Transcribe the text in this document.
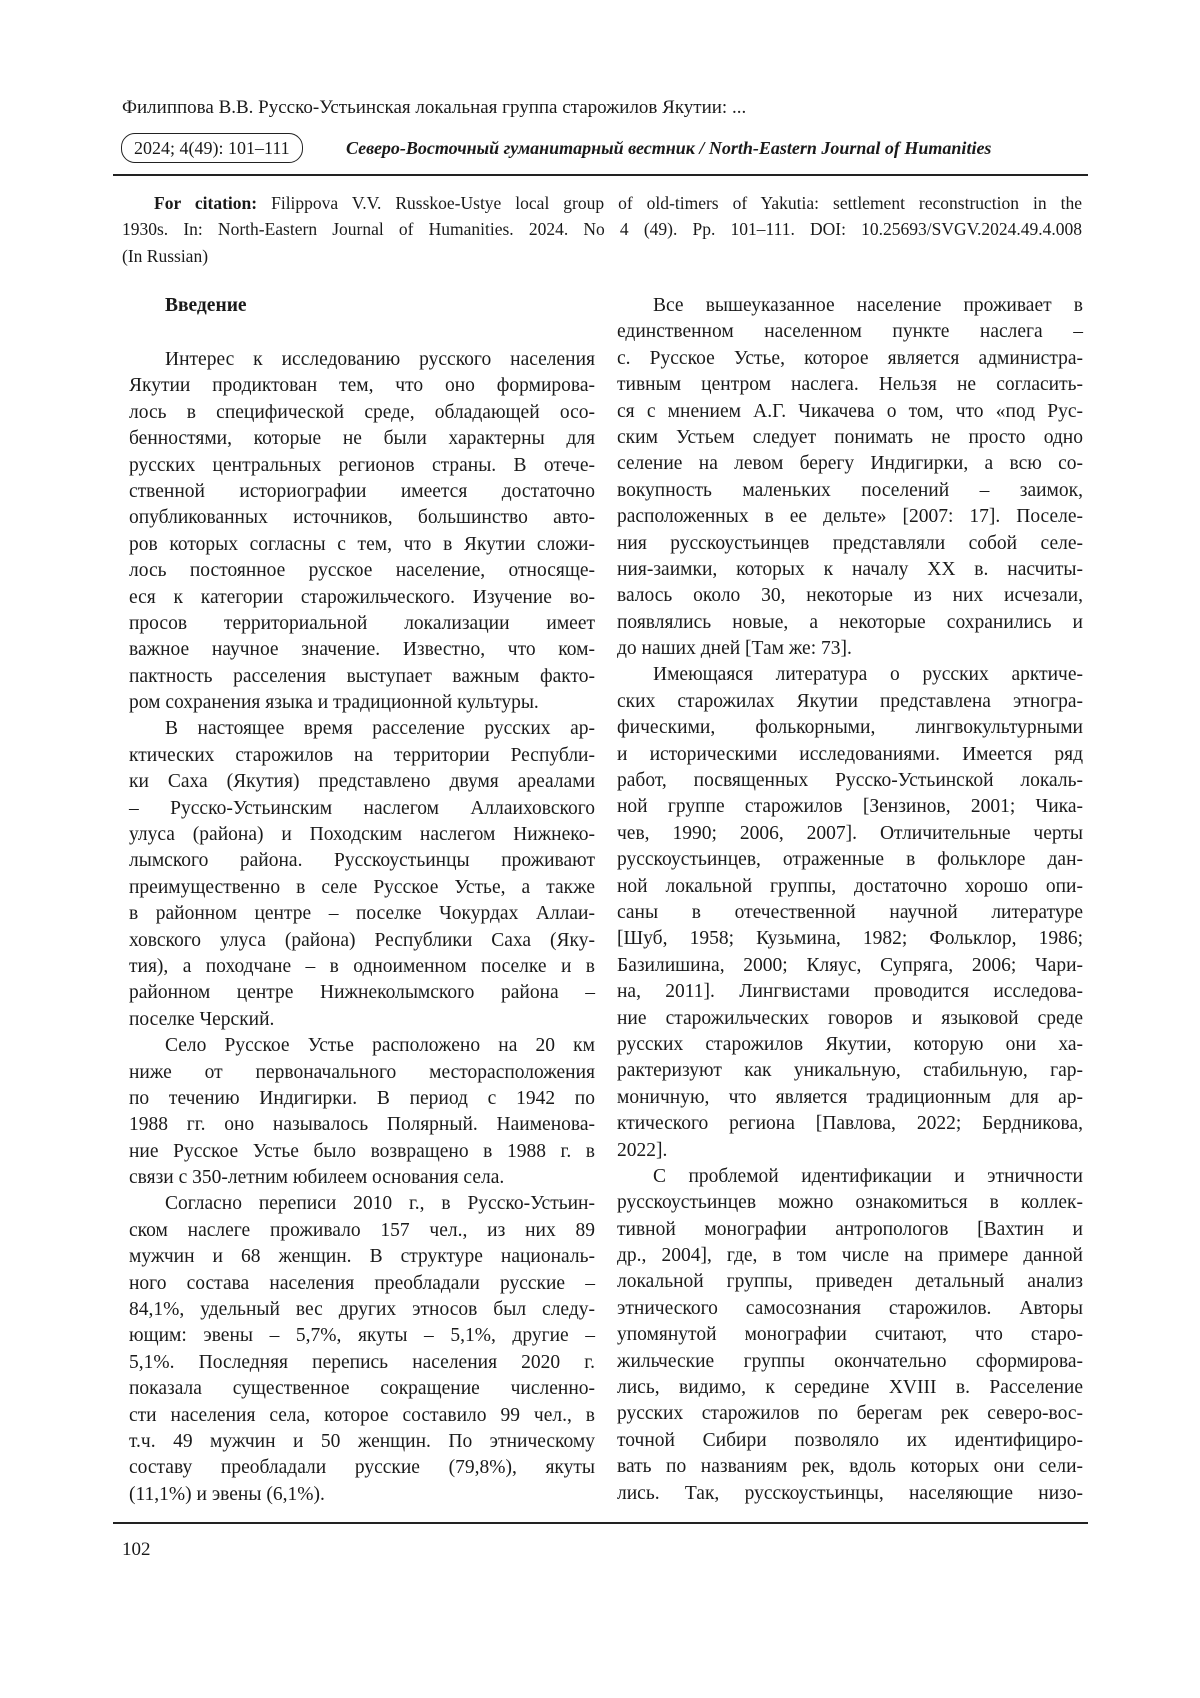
Филиппова В.В. Русско-Устьинская локальная группа старожилов Якутии: ...
2024; 4(49): 101–111	Северо-Восточный гуманитарный вестник / North-Eastern Journal of Humanities
For citation: Filippova V.V. Russkoe-Ustye local group of old-timers of Yakutia: settlement reconstruction in the
1930s. In: North-Eastern Journal of Humanities. 2024. No 4 (49). Pp. 101–111. DOI: 10.25693/SVGV.2024.49.4.008
(In Russian)
Введение
Интерес к исследованию русского населения
Якутии продиктован тем, что оно формирова-
лось в специфической среде, обладающей осо-
бенностями, которые не были характерны для
русских центральных регионов страны. В отече-
ственной историографии имеется достаточно
опубликованных источников, большинство авто-
ров которых согласны с тем, что в Якутии сложи-
лось постоянное русское население, относяще-
еся к категории старожильческого. Изучение во-
просов территориальной локализации имеет
важное научное значение. Известно, что ком-
пактность расселения выступает важным факто-
ром сохранения языка и традиционной культуры.
В настоящее время расселение русских ар-
ктических старожилов на территории Республи-
ки Саха (Якутия) представлено двумя ареалами
– Русско-Устьинским наслегом Аллаиховского
улуса (района) и Походским наслегом Нижнеко-
лымского района. Русскоустьинцы проживают
преимущественно в селе Русское Устье, а также
в районном центре – поселке Чокурдах Аллаи-
ховского улуса (района) Республики Саха (Яку-
тия), а походчане – в одноименном поселке и в
районном центре Нижнеколымского района –
поселке Черский.
Село Русское Устье расположено на 20 км
ниже от первоначального месторасположения
по течению Индигирки. В период с 1942 по
1988 гг. оно называлось Полярный. Наименова-
ние Русское Устье было возвращено в 1988 г. в
связи с 350-летним юбилеем основания села.
Согласно переписи 2010 г., в Русско-Устьин-
ском наслеге проживало 157 чел., из них 89
мужчин и 68 женщин. В структуре националь-
ного состава населения преобладали русские –
84,1%, удельный вес других этносов был следу-
ющим: эвены – 5,7%, якуты – 5,1%, другие –
5,1%. Последняя перепись населения 2020 г.
показала существенное сокращение численно-
сти населения села, которое составило 99 чел., в
т.ч. 49 мужчин и 50 женщин. По этническому
составу преобладали русские (79,8%), якуты
(11,1%) и эвены (6,1%).
Все вышеуказанное население проживает в
единственном населенном пункте наслега –
с. Русское Устье, которое является администра-
тивным центром наслега. Нельзя не согласить-
ся с мнением А.Г. Чикачева о том, что «под Рус-
ским Устьем следует понимать не просто одно
селение на левом берегу Индигирки, а всю со-
вокупность маленьких поселений – заимок,
расположенных в ее дельте» [2007: 17]. Поселе-
ния русскоустьинцев представляли собой селе-
ния-заимки, которых к началу XX в. насчиты-
валось около 30, некоторые из них исчезали,
появлялись новые, а некоторые сохранились и
до наших дней [Там же: 73].
Имеющаяся литература о русских арктиче-
ских старожилах Якутии представлена этногра-
фическими, фолькорными, лингвокультурными
и историческими исследованиями. Имеется ряд
работ, посвященных Русско-Устьинской локаль-
ной группе старожилов [Зензинов, 2001; Чика-
чев, 1990; 2006, 2007]. Отличительные черты
русскоустьинцев, отраженные в фольклоре дан-
ной локальной группы, достаточно хорошо опи-
саны в отечественной научной литературе
[Шуб, 1958; Кузьмина, 1982; Фольклор, 1986;
Базилишина, 2000; Кляус, Супряга, 2006; Чари-
на, 2011]. Лингвистами проводится исследова-
ние старожильческих говоров и языковой среде
русских старожилов Якутии, которую они ха-
рактеризуют как уникальную, стабильную, гар-
моничную, что является традиционным для ар-
ктического региона [Павлова, 2022; Бердникова,
2022].
С проблемой идентификации и этничности
русскоустьинцев можно ознакомиться в коллек-
тивной монографии антропологов [Вахтин и
др., 2004], где, в том числе на примере данной
локальной группы, приведен детальный анализ
этнического самосознания старожилов. Авторы
упомянутой монографии считают, что старо-
жильческие группы окончательно сформирова-
лись, видимо, к середине XVIII в. Расселение
русских старожилов по берегам рек северо-вос-
точной Сибири позволяло их идентифициро-
вать по названиям рек, вдоль которых они сели-
лись. Так, русскоустьинцы, населяющие низо-
102
